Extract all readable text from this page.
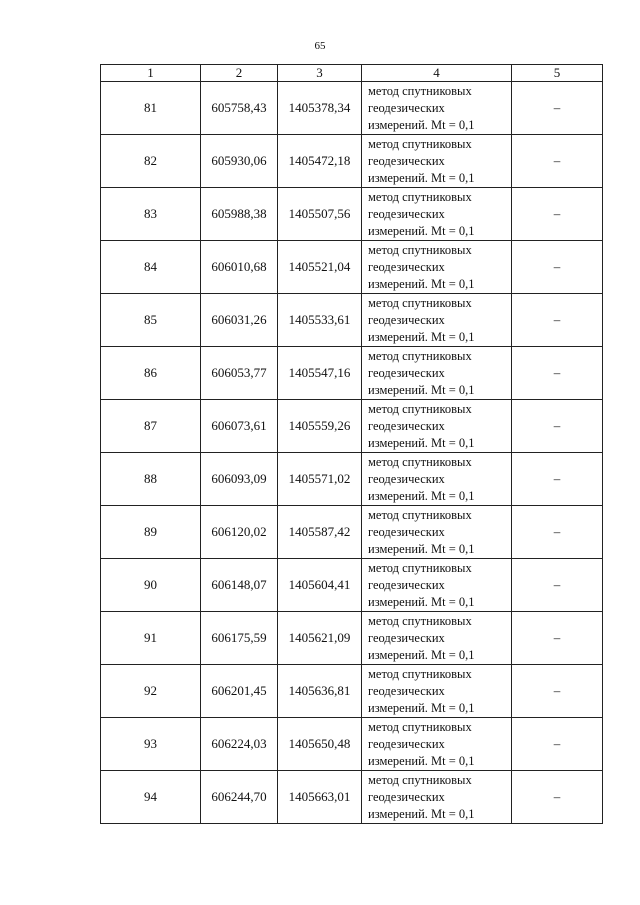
65
1	2	3	4	5
81	605758,43	1405378,34	метод спутниковых
геодезических
измерений. Mt = 0,1	–
82	605930,06	1405472,18	метод спутниковых
геодезических
измерений. Mt = 0,1	–
83	605988,38	1405507,56	метод спутниковых
геодезических
измерений. Mt = 0,1	–
84	606010,68	1405521,04	метод спутниковых
геодезических
измерений. Mt = 0,1	–
85	606031,26	1405533,61	метод спутниковых
геодезических
измерений. Mt = 0,1	–
86	606053,77	1405547,16	метод спутниковых
геодезических
измерений. Mt = 0,1	–
87	606073,61	1405559,26	метод спутниковых
геодезических
измерений. Mt = 0,1	–
88	606093,09	1405571,02	метод спутниковых
геодезических
измерений. Mt = 0,1	–
89	606120,02	1405587,42	метод спутниковых
геодезических
измерений. Mt = 0,1	–
90	606148,07	1405604,41	метод спутниковых
геодезических
измерений. Mt = 0,1	–
91	606175,59	1405621,09	метод спутниковых
геодезических
измерений. Mt = 0,1	–
92	606201,45	1405636,81	метод спутниковых
геодезических
измерений. Mt = 0,1	–
93	606224,03	1405650,48	метод спутниковых
геодезических
измерений. Mt = 0,1	–
94	606244,70	1405663,01	метод спутниковых
геодезических
измерений. Mt = 0,1	–
